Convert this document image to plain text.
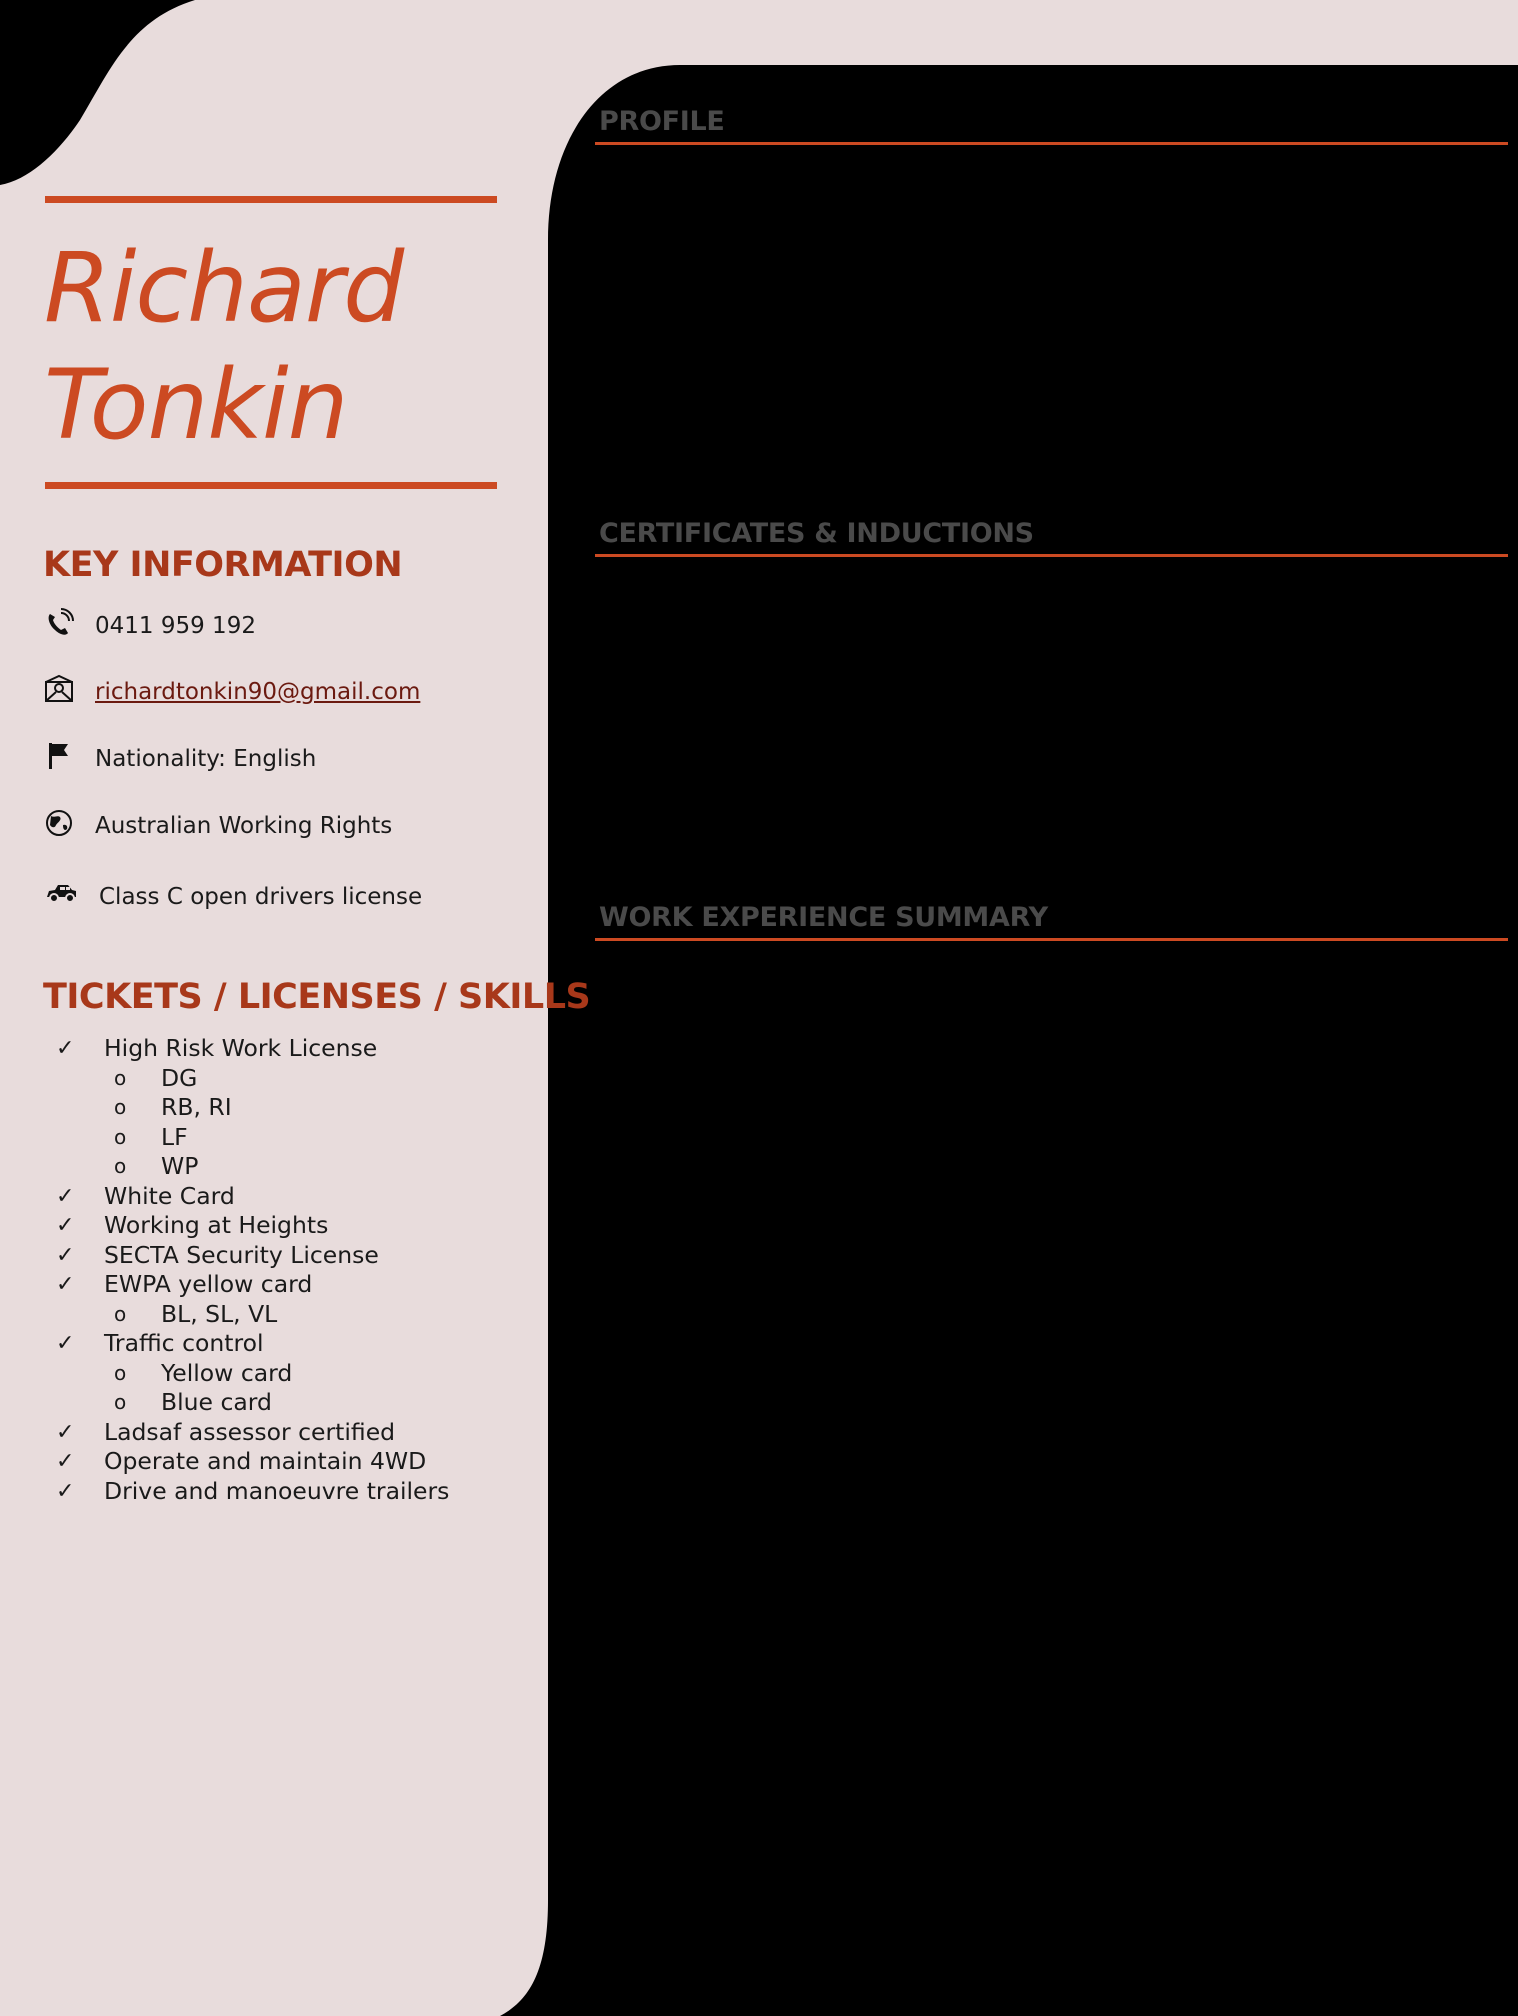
Richard
Tonkin
KEY INFORMATION
0411 959 192
richardtonkin90@gmail.com
Nationality: English
Australian Working Rights
Class C open drivers license
TICKETS / LICENSES / SKILLS
✓ High Risk Work License
o DG
o RB, RI
o LF
o WP
✓ White Card
✓ Working at Heights
✓ SECTA Security License
✓ EWPA yellow card
o BL, SL, VL
✓ Traffic control
o Yellow card
o Blue card
✓ Ladsaf assessor certified
✓ Operate and maintain 4WD
✓ Drive and manoeuvre trailers
PROFILE
CERTIFICATES & INDUCTIONS
WORK EXPERIENCE SUMMARY
